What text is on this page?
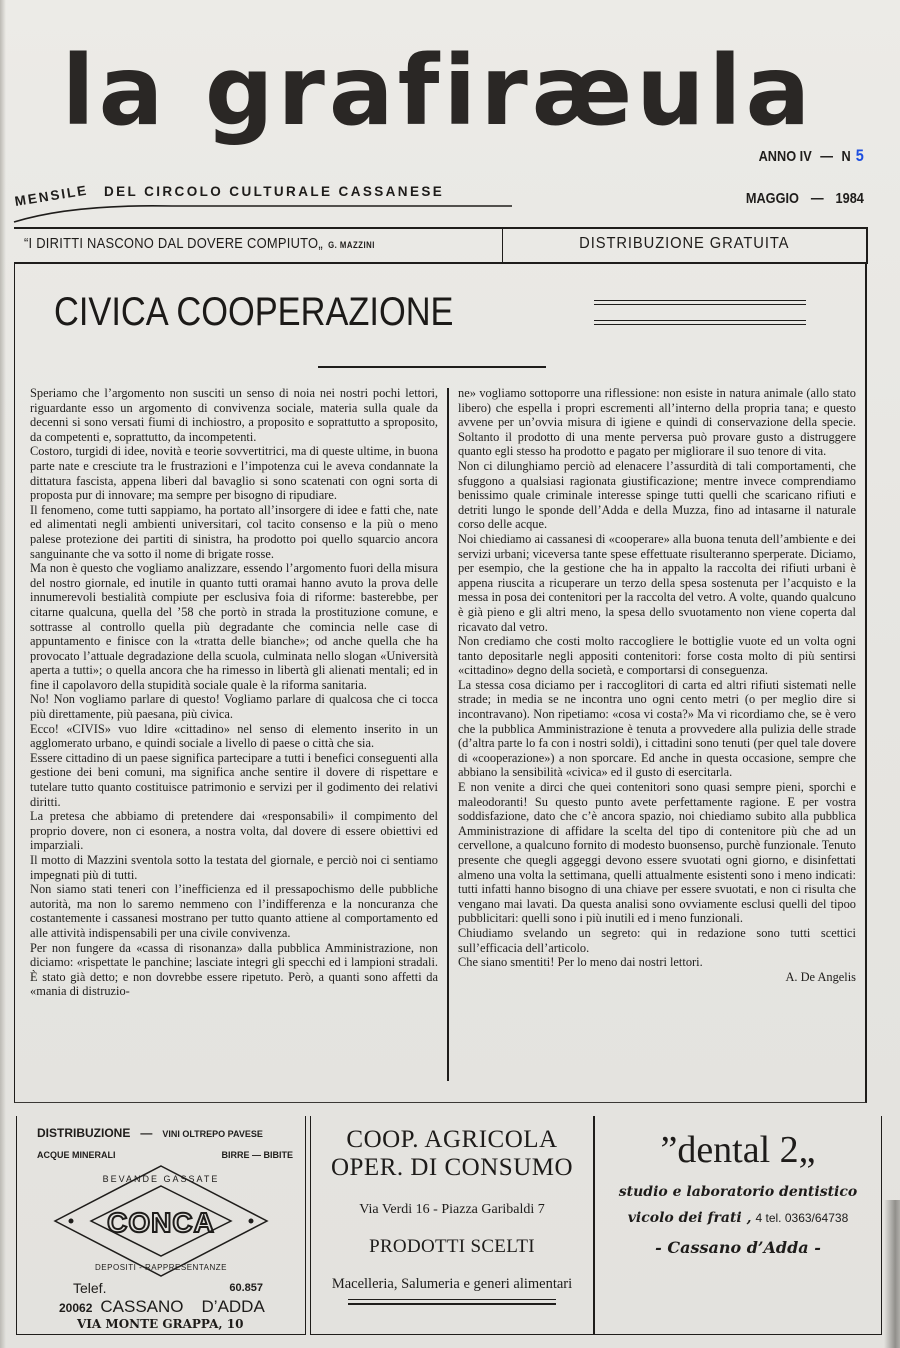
la grafiræula
ANNO IV — N 5
MENSILE DEL CIRCOLO CULTURALE CASSANESE	MAGGIO — 1984
“I DIRITTI NASCONO DAL DOVERE COMPIUTO„ G. MAZZINI	DISTRIBUZIONE GRATUITA
CIVICA COOPERAZIONE

Speriamo che l’argomento non susciti un senso di noia nei nostri pochi lettori, riguardante esso un argomento di convivenza sociale, materia sulla quale da decenni si sono versati fiumi di inchiostro, a proposito e soprattutto a sproposito, da competenti e, soprattutto, da incompetenti.

Costoro, turgidi di idee, novità e teorie sovvertitrici, ma di queste ultime, in buona parte nate e cresciute tra le frustrazioni e l’impotenza cui le aveva condannate la dittatura fascista, appena liberi dal bavaglio si sono scatenati con ogni sorta di proposta pur di innovare; ma sempre per bisogno di ripudiare.

Il fenomeno, come tutti sappiamo, ha portato all’insorgere di idee e fatti che, nate ed alimentati negli ambienti universitari, col tacito consenso e la più o meno palese protezione dei partiti di sinistra, ha prodotto poi quello squarcio ancora sanguinante che va sotto il nome di brigate rosse.

Ma non è questo che vogliamo analizzare, essendo l’argomento fuori della misura del nostro giornale, ed inutile in quanto tutti oramai hanno avuto la prova delle innumerevoli bestialità compiute per esclusiva foia di riforme: basterebbe, per citarne qualcuna, quella del ’58 che portò in strada la prostituzione comune, e sottrasse al controllo quella più degradante che comincia nelle case di appuntamento e finisce con la «tratta delle bianche»; od anche quella che ha provocato l’attuale degradazione della scuola, culminata nello slogan «Università aperta a tutti»; o quella ancora che ha rimesso in libertà gli alienati mentali; ed in fine il capolavoro della stupidità sociale quale è la riforma sanitaria.

No! Non vogliamo parlare di questo! Vogliamo parlare di qualcosa che ci tocca più direttamente, più paesana, più civica.

Ecco! «CIVIS» vuo ldire «cittadino» nel senso di elemento inserito in un agglomerato urbano, e quindi sociale a livello di paese o città che sia.

Essere cittadino di un paese significa partecipare a tutti i benefici conseguenti alla gestione dei beni comuni, ma significa anche sentire il dovere di rispettare e tutelare tutto quanto costituisce patrimonio e servizi per il godimento dei relativi diritti.

La pretesa che abbiamo di pretendere dai «responsabili» il compimento del proprio dovere, non ci esonera, a nostra volta, dal dovere di essere obiettivi ed imparziali.

Il motto di Mazzini sventola sotto la testata del giornale, e perciò noi ci sentiamo impegnati più di tutti.

Non siamo stati teneri con l’inefficienza ed il pressapochismo delle pubbliche autorità, ma non lo saremo nemmeno con l’indifferenza e la noncuranza che costantemente i cassanesi mostrano per tutto quanto attiene al comportamento ed alle attività indispensabili per una civile convivenza.

Per non fungere da «cassa di risonanza» dalla pubblica Amministrazione, non diciamo: «rispettate le panchine; lasciate integri gli specchi ed i lampioni stradali. È stato già detto; e non dovrebbe essere ripetuto. Però, a quanti sono affetti da «mania di distruzio-

ne» vogliamo sottoporre una riflessione: non esiste in natura animale (allo stato libero) che espella i propri escrementi all’interno della propria tana; e questo avvene per un’ovvia misura di igiene e quindi di conservazione della specie. Soltanto il prodotto di una mente perversa può provare gusto a distruggere quanto egli stesso ha prodotto e pagato per migliorare il suo tenore di vita.

Non ci dilunghiamo perciò ad elenacere l’assurdità di tali comportamenti, che sfuggono a qualsiasi ragionata giustificazione; mentre invece comprendiamo benissimo quale criminale interesse spinge tutti quelli che scaricano rifiuti e detriti lungo le sponde dell’Adda e della Muzza, fino ad intasarne il naturale corso delle acque.

Noi chiediamo ai cassanesi di «cooperare» alla buona tenuta dell’ambiente e dei servizi urbani; viceversa tante spese effettuate risulteranno sperperate. Diciamo, per esempio, che la gestione che ha in appalto la raccolta dei rifiuti urbani è appena riuscita a ricuperare un terzo della spesa sostenuta per l’acquisto e la messa in posa dei contenitori per la raccolta del vetro. A volte, quando qualcuno è già pieno e gli altri meno, la spesa dello svuotamento non viene coperta dal ricavato dal vetro.

Non crediamo che costi molto raccogliere le bottiglie vuote ed un volta ogni tanto depositarle negli appositi contenitori: forse costa molto di più sentirsi «cittadino» degno della società, e comportarsi di conseguenza.

La stessa cosa diciamo per i raccoglitori di carta ed altri rifiuti sistemati nelle strade; in media se ne incontra uno ogni cento metri (o per meglio dire si incontravano). Non ripetiamo: «cosa vi costa?» Ma vi ricordiamo che, se è vero che la pubblica Amministrazione è tenuta a provvedere alla pulizia delle strade (d’altra parte lo fa con i nostri soldi), i cittadini sono tenuti (per quel tale dovere di «cooperazione») a non sporcare. Ed anche in questa occasione, sempre che abbiano la sensibilità «civica» ed il gusto di esercitarla.

E non venite a dirci che quei contenitori sono quasi sempre pieni, sporchi e maleodoranti! Su questo punto avete perfettamente ragione. E per vostra soddisfazione, dato che c’è ancora spazio, noi chiediamo subito alla pubblica Amministrazione di affidare la scelta del tipo di contenitore più che ad un cervellone, a qualcuno fornito di modesto buonsenso, purchè funzionale. Tenuto presente che quegli aggeggi devono essere svuotati ogni giorno, e disinfettati almeno una volta la settimana, quelli attualmente esistenti sono i meno indicati: tutti infatti hanno bisogno di una chiave per essere svuotati, e non ci risulta che vengano mai lavati. Da questa analisi sono ovviamente esclusi quelli del tipoo pubblicitari: quelli sono i più inutili ed i meno funzionali.

Chiudiamo svelando un segreto: qui in redazione sono tutti scettici sull’efficacia dell’articolo.

Che siano smentiti! Per lo meno dai nostri lettori.

A. De Angelis

DISTRIBUZIONE — VINI OLTREPO PAVESE
ACQUE MINERALI	BIRRE — BIBITE
BEVANDE GASSATE
CONCA
DEPOSITI - RAPPRESENTANZE
Telef.	60.857
20062 CASSANO D’ADDA
VIA MONTE GRAPPA, 10
COOP. AGRICOLA
OPER. DI CONSUMO
Via Verdi 16 - Piazza Garibaldi 7
PRODOTTI SCELTI
Macelleria, Salumeria e generi alimentari
”dental 2„
studio e laboratorio dentistico
vicolo dei frati , 4 tel. 0363/64738
- Cassano d’Adda -
